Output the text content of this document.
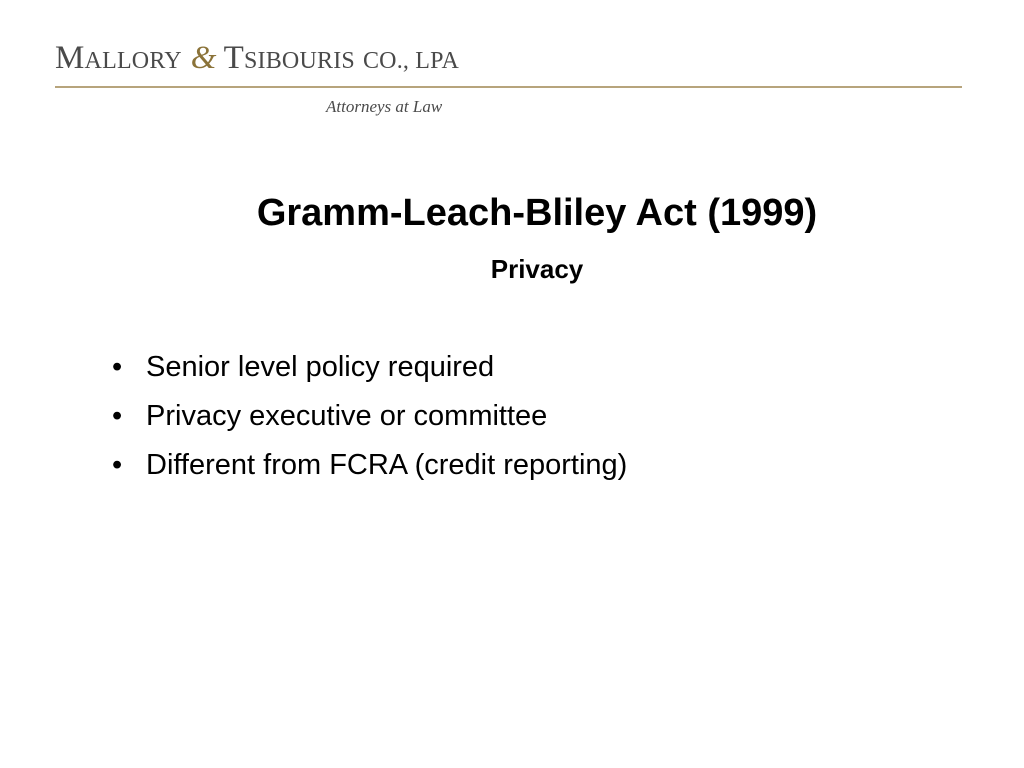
M ALLORY & T SIBOURIS CO., LPA
Attorneys at Law
Gramm-Leach-Bliley Act (1999)
Privacy
• Senior level policy required
• Privacy executive or committee
• Different from FCRA (credit reporting)
